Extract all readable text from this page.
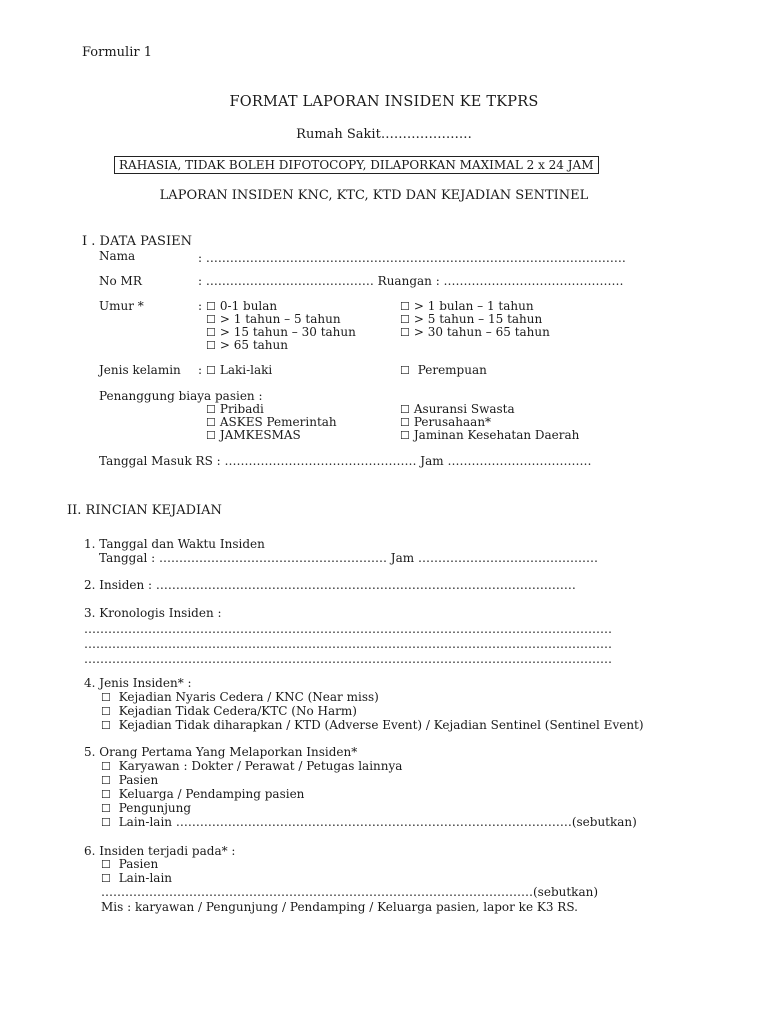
Formulir 1
FORMAT LAPORAN INSIDEN KE TKPRS
Rumah Sakit…………………
RAHASIA, TIDAK BOLEH DIFOTOCOPY, DILAPORKAN MAXIMAL 2 x 24 JAM
LAPORAN INSIDEN KNC, KTC, KTD DAN KEJADIAN SENTINEL
I . DATA PASIEN
Nama	: ……………………………………………………………………………………………
No MR	: …………………………………… Ruangan : ………………………………………
Umur *	: ☐ 0-1 bulan	☐ > 1 bulan – 1 tahun
☐ > 1 tahun – 5 tahun	☐ > 5 tahun – 15 tahun
☐ > 15 tahun – 30 tahun	☐ > 30 tahun – 65 tahun
☐ > 65 tahun
Jenis kelamin : ☐ Laki-laki	☐ Perempuan
Penanggung biaya pasien :
☐ Pribadi	☐ Asuransi Swasta
☐ ASKES Pemerintah	☐ Perusahaan*
☐ JAMKESMAS	☐ Jaminan Kesehatan Daerah
Tanggal Masuk RS : ………………………………………… Jam ………………………………
II. RINCIAN KEJADIAN
1. Tanggal dan Waktu Insiden
Tanggal : ………………………………………………… Jam ………………………………………
2. Insiden : ……………………………………………………………………………………………
3. Kronologis Insiden :
……………………………………………………………………………………………………………………
……………………………………………………………………………………………………………………
……………………………………………………………………………………………………………………
4. Jenis Insiden* :
☐ Kejadian Nyaris Cedera / KNC (Near miss)
☐ Kejadian Tidak Cedera/KTC (No Harm)
☐ Kejadian Tidak diharapkan / KTD (Adverse Event) / Kejadian Sentinel (Sentinel Event)
5. Orang Pertama Yang Melaporkan Insiden*
☐ Karyawan : Dokter / Perawat / Petugas lainnya
☐ Pasien
☐ Keluarga / Pendamping pasien
☐ Pengunjung
☐ Lain-lain ………………………………………………………………………………………(sebutkan)
6. Insiden terjadi pada* :
☐ Pasien
☐ Lain-lain
………………………………………………………………………………………………(sebutkan)
Mis : karyawan / Pengunjung / Pendamping / Keluarga pasien, lapor ke K3 RS.
